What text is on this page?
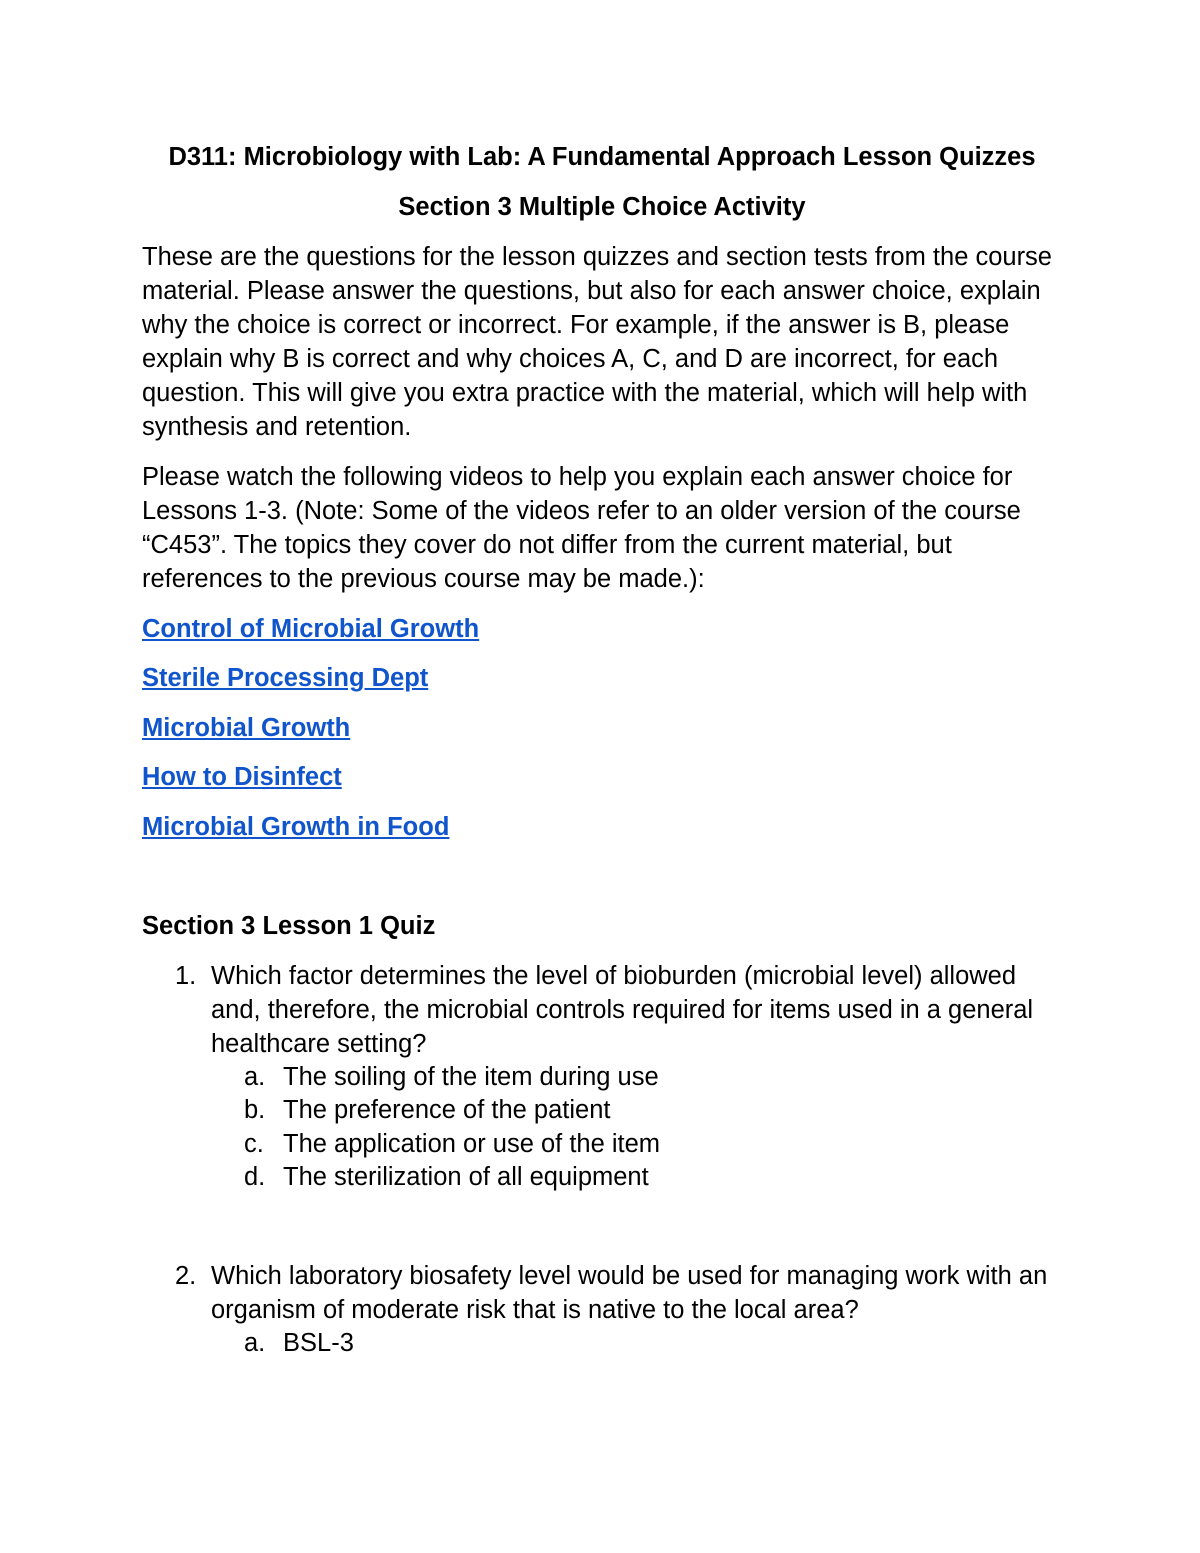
D311: Microbiology with Lab: A Fundamental Approach Lesson Quizzes
Section 3 Multiple Choice Activity

These are the questions for the lesson quizzes and section tests from the course material. Please answer the questions, but also for each answer choice, explain why the choice is correct or incorrect. For example, if the answer is B, please explain why B is correct and why choices A, C, and D are incorrect, for each question. This will give you extra practice with the material, which will help with synthesis and retention.

Please watch the following videos to help you explain each answer choice for Lessons 1-3. (Note: Some of the videos refer to an older version of the course “C453”. The topics they cover do not differ from the current material, but references to the previous course may be made.):

Control of Microbial Growth
Sterile Processing Dept
Microbial Growth
How to Disinfect
Microbial Growth in Food
Section 3 Lesson 1 Quiz
1. Which factor determines the level of bioburden (microbial level) allowed and, therefore, the microbial controls required for items used in a general healthcare setting?
a. The soiling of the item during use
b. The preference of the patient
c. The application or use of the item
d. The sterilization of all equipment
2. Which laboratory biosafety level would be used for managing work with an organism of moderate risk that is native to the local area?
a. BSL-3
